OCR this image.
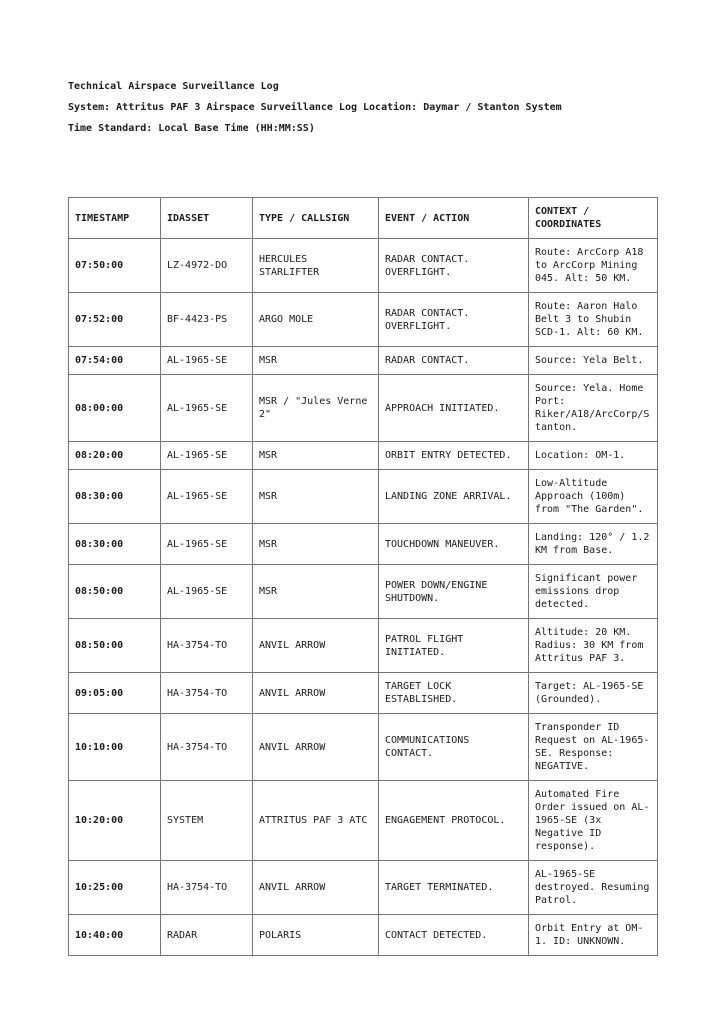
Technical Airspace Surveillance Log

System: Attritus PAF 3 Airspace Surveillance Log Location: Daymar / Stanton System

Time Standard: Local Base Time (HH:MM:SS)

TIMESTAMP	IDASSET	TYPE / CALLSIGN	EVENT / ACTION	CONTEXT / COORDINATES
07:50:00	LZ-4972-DO	HERCULES STARLIFTER	RADAR CONTACT. OVERFLIGHT.	Route: ArcCorp A18 to ArcCorp Mining 045. Alt: 50 KM.
07:52:00	BF-4423-PS	ARGO MOLE	RADAR CONTACT. OVERFLIGHT.	Route: Aaron Halo Belt 3 to Shubin SCD-1. Alt: 60 KM.
07:54:00	AL-1965-SE	MSR	RADAR CONTACT.	Source: Yela Belt.
08:00:00	AL-1965-SE	MSR / "Jules Verne 2"	APPROACH INITIATED.	Source: Yela. Home Port: Riker/A18/ArcCorp/Stanton.
08:20:00	AL-1965-SE	MSR	ORBIT ENTRY DETECTED.	Location: OM-1.
08:30:00	AL-1965-SE	MSR	LANDING ZONE ARRIVAL.	Low-Altitude Approach (100m) from "The Garden".
08:30:00	AL-1965-SE	MSR	TOUCHDOWN MANEUVER.	Landing: 120° / 1.2 KM from Base.
08:50:00	AL-1965-SE	MSR	POWER DOWN/ENGINE SHUTDOWN.	Significant power emissions drop detected.
08:50:00	HA-3754-TO	ANVIL ARROW	PATROL FLIGHT INITIATED.	Altitude: 20 KM. Radius: 30 KM from Attritus PAF 3.
09:05:00	HA-3754-TO	ANVIL ARROW	TARGET LOCK ESTABLISHED.	Target: AL-1965-SE (Grounded).
10:10:00	HA-3754-TO	ANVIL ARROW	COMMUNICATIONS CONTACT.	Transponder ID Request on AL-1965-SE. Response: NEGATIVE.
10:20:00	SYSTEM	ATTRITUS PAF 3 ATC	ENGAGEMENT PROTOCOL.	Automated Fire Order issued on AL-1965-SE (3x Negative ID response).
10:25:00	HA-3754-TO	ANVIL ARROW	TARGET TERMINATED.	AL-1965-SE destroyed. Resuming Patrol.
10:40:00	RADAR	POLARIS	CONTACT DETECTED.	Orbit Entry at OM-1. ID: UNKNOWN.
